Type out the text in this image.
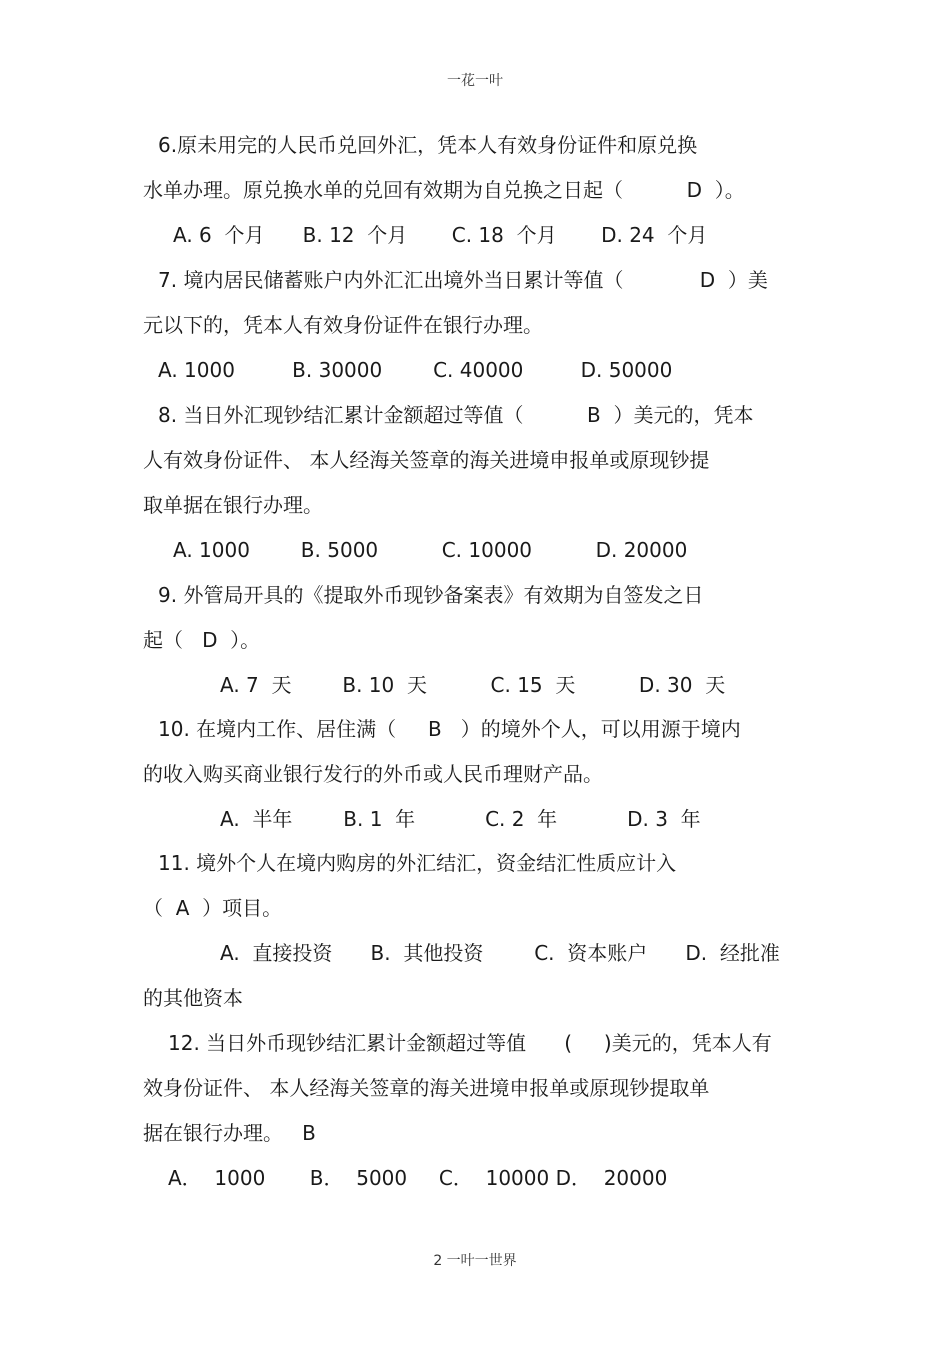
一花一叶
6.原未用完的人民币兑回外汇，凭本人有效身份证件和原兑换
水单办理。原兑换水单的兑回有效期为自兑换之日起（          D  ）。
A. 6  个月      B. 12  个月       C. 18  个月       D. 24  个月
7. 境内居民储蓄账户内外汇汇出境外当日累计等值（            D  ）美
元以下的，凭本人有效身份证件在银行办理。
A. 1000         B. 30000        C. 40000         D. 50000
8. 当日外汇现钞结汇累计金额超过等值（          B  ）美元的，凭本
人有效身份证件、 本人经海关签章的海关进境申报单或原现钞提
取单据在银行办理。
A. 1000        B. 5000          C. 10000          D. 20000
9. 外管局开具的《提取外币现钞备案表》有效期为自签发之日
起（   D  ）。
A. 7  天        B. 10  天          C. 15  天          D. 30  天
10. 在境内工作、居住满（     B   ）的境外个人，可以用源于境内
的收入购买商业银行发行的外币或人民币理财产品。
A.  半年        B. 1  年           C. 2  年           D. 3  年
11. 境外个人在境内购房的外汇结汇，资金结汇性质应计入
（  A  ）项目。
A.  直接投资      B.  其他投资        C.  资本账户      D.  经批准
的其他资本
12. 当日外币现钞结汇累计金额超过等值      (     )美元的，凭本人有
效身份证件、 本人经海关签章的海关进境申报单或原现钞提取单
据在银行办理。   B
A．  1000       B．  5000     C．  10000 D．  20000
2 一叶一世界
